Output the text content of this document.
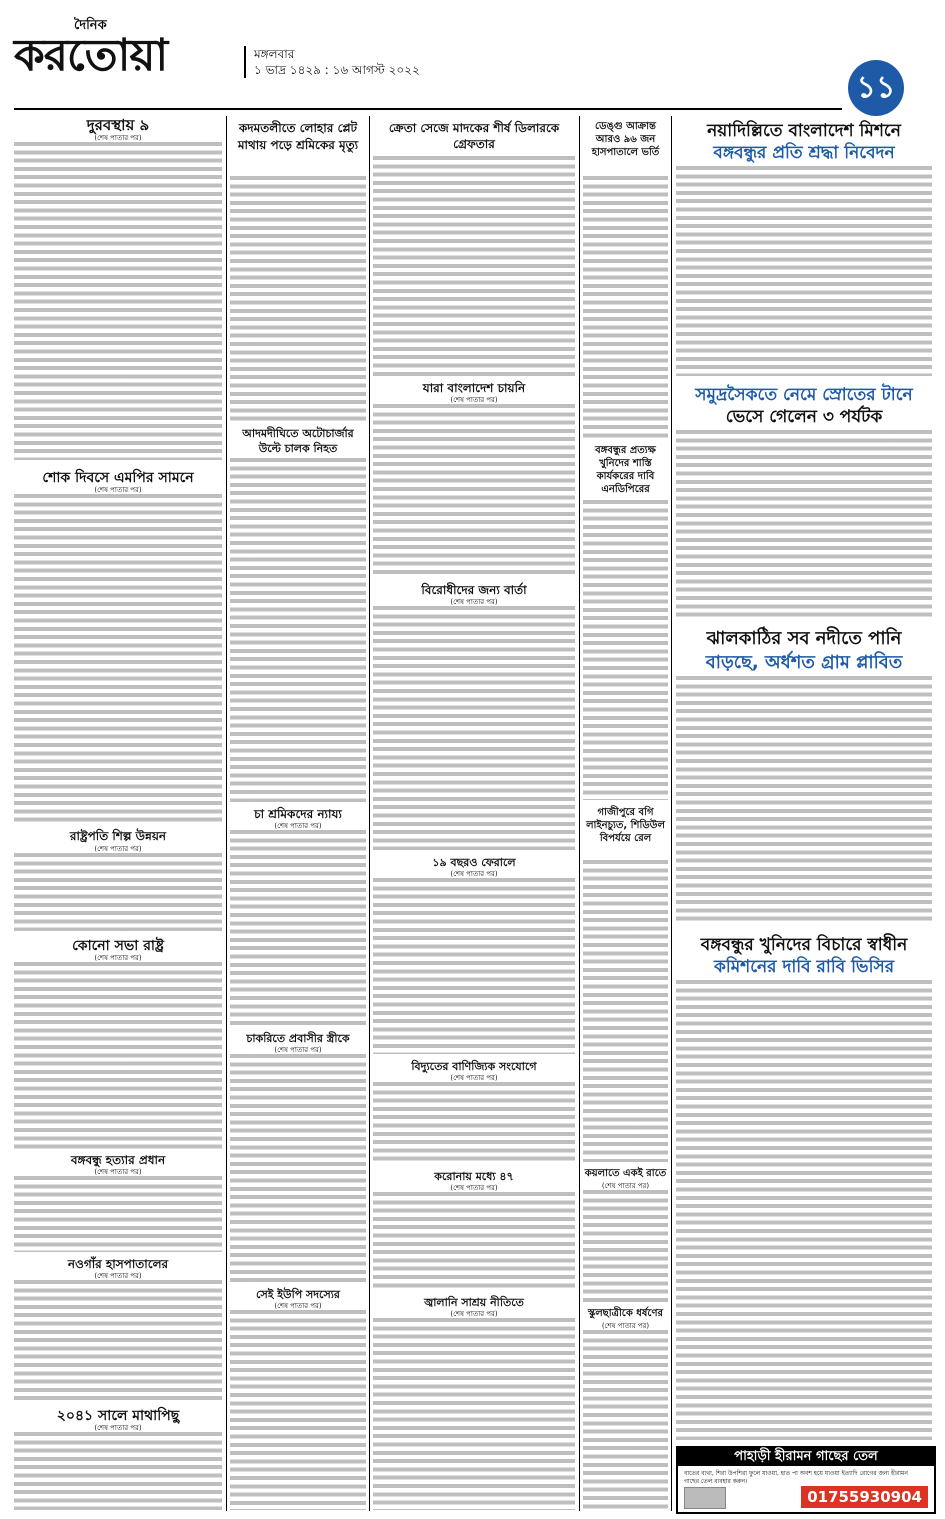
দৈনিক
করতোয়া	মঙ্গলবার
১ ভাদ্র ১৪২৯ : ১৬ আগস্ট ২০২২	১১
দুরবস্থায় ৯
(শেষ পাতার পর)
শোক দিবসে এমপির সামনে
(শেষ পাতার পর)
রাষ্ট্রপতি শিল্প উন্নয়ন
(শেষ পাতার পর)
কোনো সভা রাষ্ট্র
(শেষ পাতার পর)
বঙ্গবন্ধু হত্যার প্রধান
(শেষ পাতার পর)
নওগাঁর হাসপাতালের
(শেষ পাতার পর)
২০৪১ সালে মাথাপিছু
(শেষ পাতার পর)
কদমতলীতে লোহার প্লেট মাথায় পড়ে শ্রমিকের মৃত্যু
আদমদীঘিতে অটোচার্জার উল্টে চালক নিহত
চা শ্রমিকদের ন্যায্য
(শেষ পাতার পর)
চাকরিতে প্রবাসীর স্ত্রীকে
(শেষ পাতার পর)
সেই ইউপি সদস্যের
(শেষ পাতার পর)
ক্রেতা সেজে মাদকের শীর্ষ ডিলারকে গ্রেফতার
যারা বাংলাদেশ চায়নি
(শেষ পাতার পর)
বিরোধীদের জন্য বার্তা
(শেষ পাতার পর)
১৯ বছরও ফেরালে
(শেষ পাতার পর)
বিদ্যুতের বাণিজ্যিক সংযোগে
(শেষ পাতার পর)
করোনায় মধ্যে ৪৭
(শেষ পাতার পর)
জ্বালানি সাশ্রয় নীতিতে
(শেষ পাতার পর)
ডেঙ্গু আক্রান্ত আরও ৯৬ জন হাসপাতালে ভর্তি
বঙ্গবন্ধুর প্রত্যক্ষ খুনিদের শাস্তি কার্যকরের দাবি এনডিপিরের
গাজীপুরে বগি লাইনচ্যুত, শিডিউল বিপর্যয়ে রেল
কয়লাতে একই রাতে
(শেষ পাতার পর)
স্কুলছাত্রীকে ধর্ষণের
(শেষ পাতার পর)
নয়াদিল্লিতে বাংলাদেশ মিশনে
বঙ্গবন্ধুর প্রতি শ্রদ্ধা নিবেদন
সমুদ্রসৈকতে নেমে স্রোতের টানে
ভেসে গেলেন ৩ পর্যটক
ঝালকাঠির সব নদীতে পানি
বাড়ছে, অর্ধশত গ্রাম প্লাবিত
বঙ্গবন্ধুর খুনিদের বিচারে স্বাধীন
কমিশনের দাবি রাবি ভিসির
পাহাড়ী হীরামন গাছের তেল
বাতের ব্যথা, শিরা উপশিরা ফুলে যাওয়া, হাত পা অবশ হয়ে যাওয়া ইত্যাদি রোগের জন্য হীরামন গাছের তেল ব্যবহার করুন।
01755930904
